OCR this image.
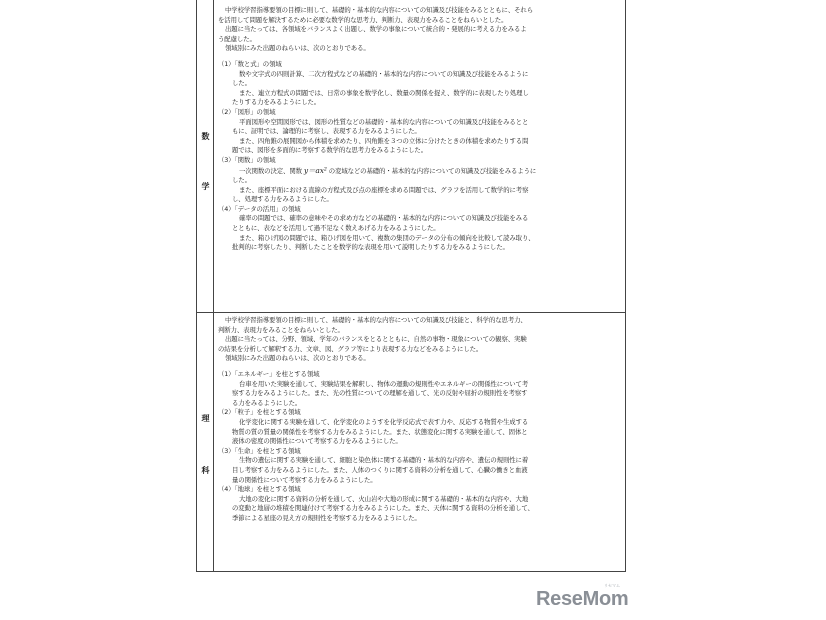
数
学
理
科

中学校学習指導要領の目標に則して、基礎的・基本的な内容についての知識及び技能をみるとともに、それら

を活用して問題を解決するために必要な数学的な思考力、判断力、表現力をみることをねらいとした。

出題に当たっては、各領域をバランスよく出題し、数学の事象について統合的・発展的に考える力をみるよ

う配慮した。

領域別にみた出題のねらいは、次のとおりである。

（1）「数と式」の領域

数や文字式の四則計算、二次方程式などの基礎的・基本的な内容についての知識及び技能をみるように

した。

また、連立方程式の問題では、日常の事象を数学化し、数量の関係を捉え、数学的に表現したり処理し

たりする力をみるようにした。

（2）「図形」の領域

平面図形や空間図形では、図形の性質などの基礎的・基本的な内容についての知識及び技能をみるとと

もに、証明では、論理的に考察し、表現する力をみるようにした。

また、四角錐の展開図から体積を求めたり、四角錐を３つの立体に分けたときの体積を求めたりする問

題では、図形を多面的に考察する数学的な思考力をみるようにした。

（3）「関数」の領域

一次関数の決定、関数 y＝ax² の変域などの基礎的・基本的な内容についての知識及び技能をみるように

した。

また、座標平面における直線の方程式及び点の座標を求める問題では、グラフを活用して数学的に考察

し、処理する力をみるようにした。

（4）「データの活用」の領域

確率の問題では、確率の意味やその求め方などの基礎的・基本的な内容についての知識及び技能をみる

とともに、表などを活用して過不足なく数えあげる力をみるようにした。

また、箱ひげ図の問題では、箱ひげ図を用いて、複数の集団のデータの分布の傾向を比較して読み取り、

批判的に考察したり、判断したことを数学的な表現を用いて説明したりする力をみるようにした。

中学校学習指導要領の目標に則して、基礎的・基本的な内容についての知識及び技能と、科学的な思考力、

判断力、表現力をみることをねらいとした。

出題に当たっては、分野、領域、学年のバランスをとるとともに、自然の事物・現象についての観察、実験

の結果を分析して解釈する力、文章、図、グラフ等により表現する力などをみるようにした。

領域別にみた出題のねらいは、次のとおりである。

（1）「エネルギー」を柱とする領域

台車を用いた実験を通して、実験結果を解釈し、物体の運動の規則性やエネルギーの関係性について考

察する力をみるようにした。また、光の性質についての理解を通して、光の反射や屈折の規則性を考察す

る力をみるようにした。

（2）「粒子」を柱とする領域

化学変化に関する実験を通して、化学変化のようすを化学反応式で表す力や、反応する物質や生成する

物質の質の質量の関係性を考察する力をみるようにした。また、状態変化に関する実験を通して、固体と

液体の密度の関係性について考察する力をみるようにした。

（3）「生命」を柱とする領域

生物の遺伝に関する実験を通して、細胞と染色体に関する基礎的・基本的な内容や、遺伝の規則性に着

目し考察する力をみるようにした。また、人体のつくりに関する資料の分析を通して、心臓の働きと血液

量の関係性について考察する力をみるようにした。

（4）「地球」を柱とする領域

大地の変化に関する資料の分析を通して、火山岩や大地の形成に関する基礎的・基本的な内容や、大地

の変動と地層の堆積を関連付けて考察する力をみるようにした。また、天体に関する資料の分析を通して、

季節による星座の見え方の規則性を考察する力をみるようにした。

リセマム
ReseMom
